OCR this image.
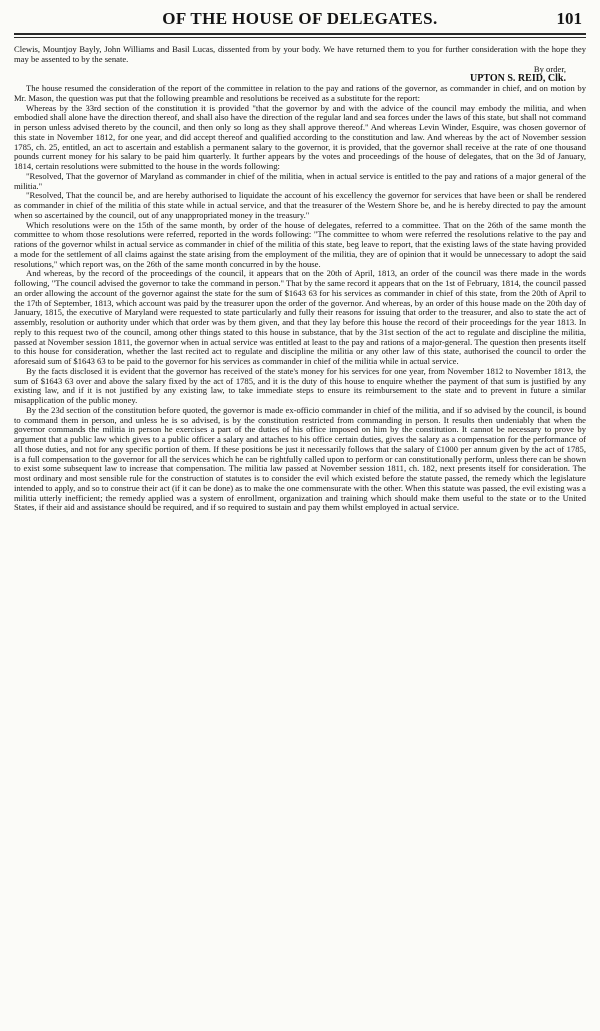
OF THE HOUSE OF DELEGATES.	101

Clewis, Mountjoy Bayly, John Williams and Basil Lucas, dissented from by your body. We have returned them to you for further consideration with the hope they may be assented to by the senate.

By order,
UPTON S. REID, Clk.

The house resumed the consideration of the report of the committee in relation to the pay and rations of the governor, as commander in chief, and on motion by Mr. Mason, the question was put that the following preamble and resolutions be received as a substitute for the report:

Whereas by the 33rd section of the constitution it is provided "that the governor by and with the advice of the council may embody the militia, and when embodied shall alone have the direction thereof, and shall also have the direction of the regular land and sea forces under the laws of this state, but shall not command in person unless advised thereto by the council, and then only so long as they shall approve thereof." And whereas Levin Winder, Esquire, was chosen governor of this state in November 1812, for one year, and did accept thereof and qualified according to the constitution and law. And whereas by the act of November session 1785, ch. 25, entitled, an act to ascertain and establish a permanent salary to the governor, it is provided, that the governor shall receive at the rate of one thousand pounds current money for his salary to be paid him quarterly. It further appears by the votes and proceedings of the house of delegates, that on the 3d of January, 1814, certain resolutions were submitted to the house in the words following:

"Resolved, That the governor of Maryland as commander in chief of the militia, when in actual service is entitled to the pay and rations of a major general of the militia."

"Resolved, That the council be, and are hereby authorised to liquidate the account of his excellency the governor for services that have been or shall be rendered as commander in chief of the militia of this state while in actual service, and that the treasurer of the Western Shore be, and he is hereby directed to pay the amount when so ascertained by the council, out of any unappropriated money in the treasury."

Which resolutions were on the 15th of the same month, by order of the house of delegates, referred to a committee. That on the 26th of the same month the committee to whom those resolutions were referred, reported in the words following: "The committee to whom were referred the resolutions relative to the pay and rations of the governor whilst in actual service as commander in chief of the militia of this state, beg leave to report, that the existing laws of the state having provided a mode for the settlement of all claims against the state arising from the employment of the militia, they are of opinion that it would be unnecessary to adopt the said resolutions," which report was, on the 26th of the same month concurred in by the house.

And whereas, by the record of the proceedings of the council, it appears that on the 20th of April, 1813, an order of the council was there made in the words following, "The council advised the governor to take the command in person." That by the same record it appears that on the 1st of February, 1814, the council passed an order allowing the account of the governor against the state for the sum of $1643 63 for his services as commander in chief of this state, from the 20th of April to the 17th of September, 1813, which account was paid by the treasurer upon the order of the governor. And whereas, by an order of this house made on the 20th day of January, 1815, the executive of Maryland were requested to state particularly and fully their reasons for issuing that order to the treasurer, and also to state the act of assembly, resolution or authority under which that order was by them given, and that they lay before this house the record of their proceedings for the year 1813. In reply to this request two of the council, among other things stated to this house in substance, that by the 31st section of the act to regulate and discipline the militia, passed at November session 1811, the governor when in actual service was entitled at least to the pay and rations of a major-general. The question then presents itself to this house for consideration, whether the last recited act to regulate and discipline the militia or any other law of this state, authorised the council to order the aforesaid sum of $1643 63 to be paid to the governor for his services as commander in chief of the militia while in actual service.

By the facts disclosed it is evident that the governor has received of the state's money for his services for one year, from November 1812 to November 1813, the sum of $1643 63 over and above the salary fixed by the act of 1785, and it is the duty of this house to enquire whether the payment of that sum is justified by any existing law, and if it is not justified by any existing law, to take immediate steps to ensure its reimbursement to the state and to prevent in future a similar misapplication of the public money.

By the 23d section of the constitution before quoted, the governor is made ex-officio commander in chief of the militia, and if so advised by the council, is bound to command them in person, and unless he is so advised, is by the constitution restricted from commanding in person. It results then undeniably that when the governor commands the militia in person he exercises a part of the duties of his office imposed on him by the constitution. It cannot be necessary to prove by argument that a public law which gives to a public officer a salary and attaches to his office certain duties, gives the salary as a compensation for the performance of all those duties, and not for any specific portion of them. If these positions be just it necessarily follows that the salary of £1000 per annum given by the act of 1785, is a full compensation to the governor for all the services which he can be rightfully called upon to perform or can constitutionally perform, unless there can be shown to exist some subsequent law to increase that compensation. The militia law passed at November session 1811, ch. 182, next presents itself for consideration. The most ordinary and most sensible rule for the construction of statutes is to consider the evil which existed before the statute passed, the remedy which the legislature intended to apply, and so to construe their act (if it can be done) as to make the one commensurate with the other. When this statute was passed, the evil existing was a militia utterly inefficient; the remedy applied was a system of enrollment, organization and training which should make them useful to the state or to the United States, if their aid and assistance should be required, and if so required to sustain and pay them whilst employed in actual service.
